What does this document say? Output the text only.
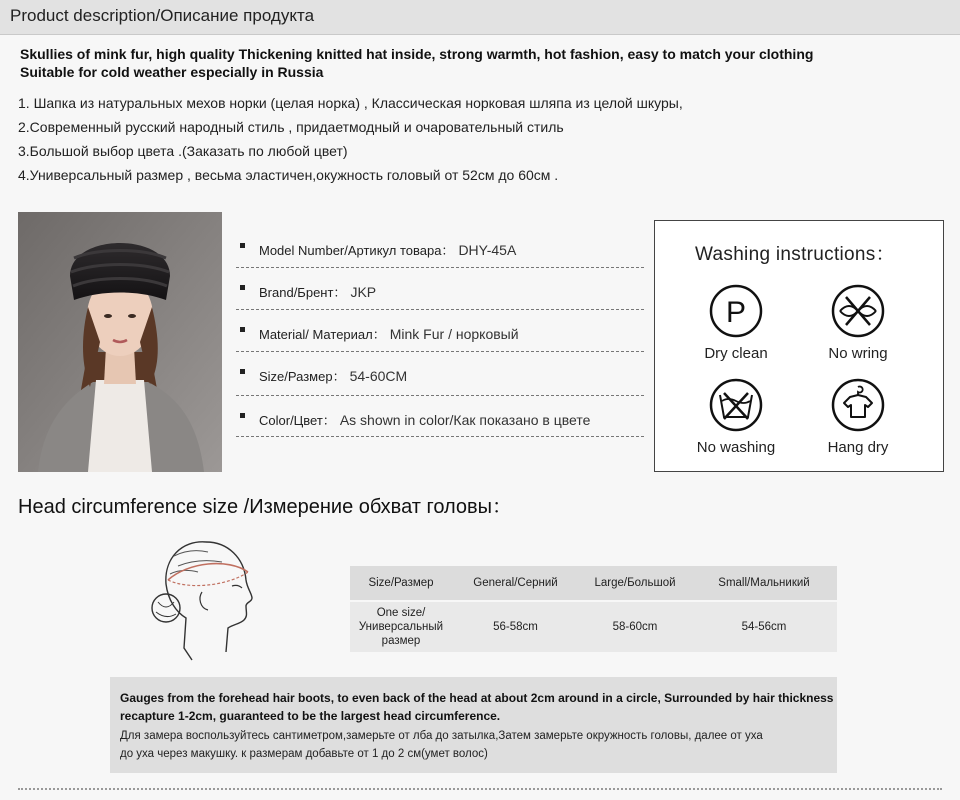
Product description/Описание продукта
Skullies of mink fur, high quality Thickening knitted hat inside, strong warmth, hot fashion, easy to match your clothing
Suitable for cold weather especially in Russia
1. Шапка из натуральных мехов норки (целая норка) , Классическая норковая шляпа из целой шкуры,
2.Современный русский народный стиль , придаетмодный и очаровательный стиль
3.Большой выбор цвета .(Заказать по любой цвет)
4.Универсальный размер , весьма эластичен,окужность головый от 52см до 60см .
Model Number/Артикул товара： DHY-45A
Brand/Брент： JKP
Material/ Материал： Mink Fur / норковый
Size/Размер： 54-60CM
Color/Цвет： As shown in color/Как показано в цвете
Washing instructions：
P
Dry clean	No wring
No washing	Hang dry
Head circumference size /Измерение обхват головы：
Size/Размер	General/Серний	Large/Большой	Small/Мальникий

One size/
Универсальный
размер	56-58cm	58-60cm	54-56cm
Gauges from the forehead hair boots, to even back of the head at about 2cm around in a circle, Surrounded by hair thickness
recapture 1-2cm, guaranteed to be the largest head circumference.
Для замера воспользуйтесь сантиметром,замерьте от лба до затылка,Затем замерьте окружность головы, далее от уха
до уха через макушку. к размерам добавьте от 1 до 2 см(умет волос)
